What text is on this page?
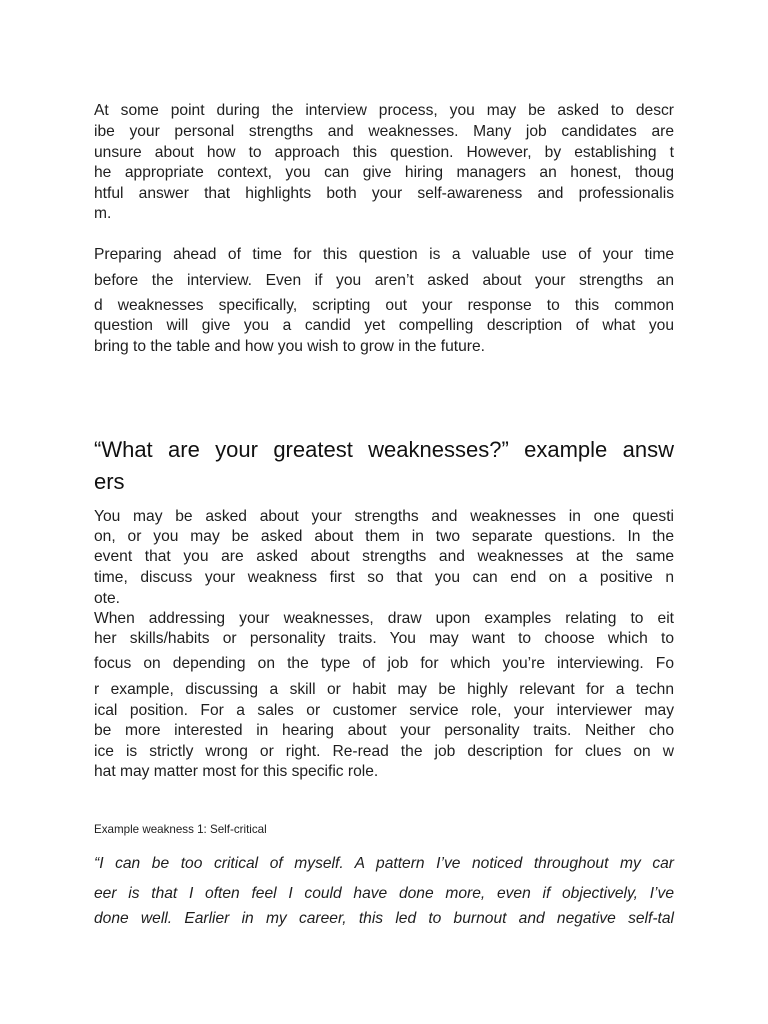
At some point during the interview process, you may be asked to descr

ibe your personal strengths and weaknesses. Many job candidates are

unsure about how to approach this question. However, by establishing t

he appropriate context, you can give hiring managers an honest, thoug

htful answer that highlights both your self-awareness and professionalis

m.

Preparing ahead of time for this question is a valuable use of your time

before the interview. Even if you aren’t asked about your strengths an

d weaknesses specifically, scripting out your response to this common

question will give you a candid yet compelling description of what you

bring to the table and how you wish to grow in the future.

“What are your greatest weaknesses?” example answ

ers

You may be asked about your strengths and weaknesses in one questi

on, or you may be asked about them in two separate questions. In the

event that you are asked about strengths and weaknesses at the same

time, discuss your weakness first so that you can end on a positive n

ote.

When addressing your weaknesses, draw upon examples relating to eit

her skills/habits or personality traits. You may want to choose which to

focus on depending on the type of job for which you’re interviewing. Fo

r example, discussing a skill or habit may be highly relevant for a techn

ical position. For a sales or customer service role, your interviewer may

be more interested in hearing about your personality traits. Neither cho

ice is strictly wrong or right. Re-read the job description for clues on w

hat may matter most for this specific role.

Example weakness 1: Self-critical

“I can be too critical of myself. A pattern I’ve noticed throughout my car

eer is that I often feel I could have done more, even if objectively, I’ve

done well. Earlier in my career, this led to burnout and negative self-tal
